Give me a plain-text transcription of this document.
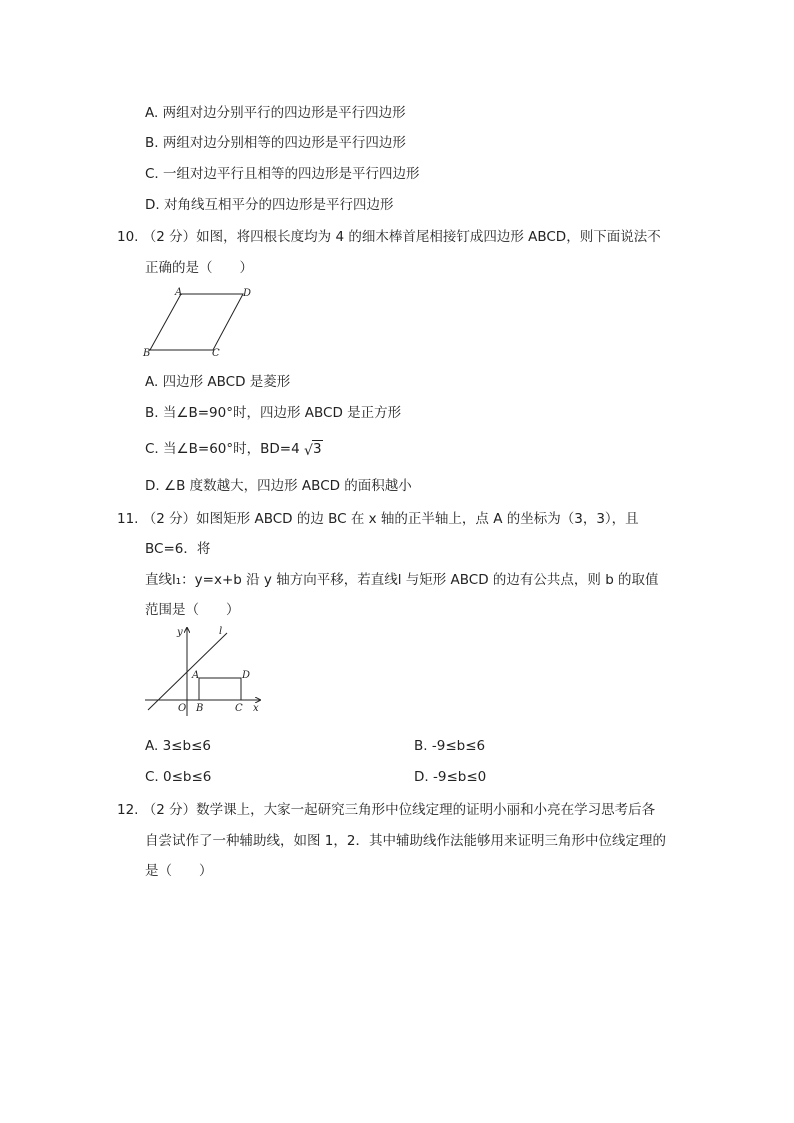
A. 两组对边分别平行的四边形是平行四边形
B. 两组对边分别相等的四边形是平行四边形
C. 一组对边平行且相等的四边形是平行四边形
D. 对角线互相平分的四边形是平行四边形
10. （2 分）如图，将四根长度均为 4 的细木棒首尾相接钉成四边形 ABCD，则下面说法不
正确的是（　　）
A	D
B	C
A. 四边形 ABCD 是菱形
B. 当∠B=90°时，四边形 ABCD 是正方形
C. 当∠B=60°时，BD=4 √ 3
D. ∠B 度数越大，四边形 ABCD 的面积越小
11. （2 分）如图矩形 ABCD 的边 BC 在 x 轴的正半轴上，点 A 的坐标为（3，3），且
BC=6．将
直线l₁：y=x+b 沿 y 轴方向平移，若直线l 与矩形 ABCD 的边有公共点，则 b 的取值
范围是（　　）
y	l
A	D
O B	C x
A. 3≤b≤6	B. -9≤b≤6
C. 0≤b≤6	D. -9≤b≤0
12. （2 分）数学课上，大家一起研究三角形中位线定理的证明小丽和小亮在学习思考后各
自尝试作了一种辅助线，如图 1，2．其中辅助线作法能够用来证明三角形中位线定理的
是（　　）
